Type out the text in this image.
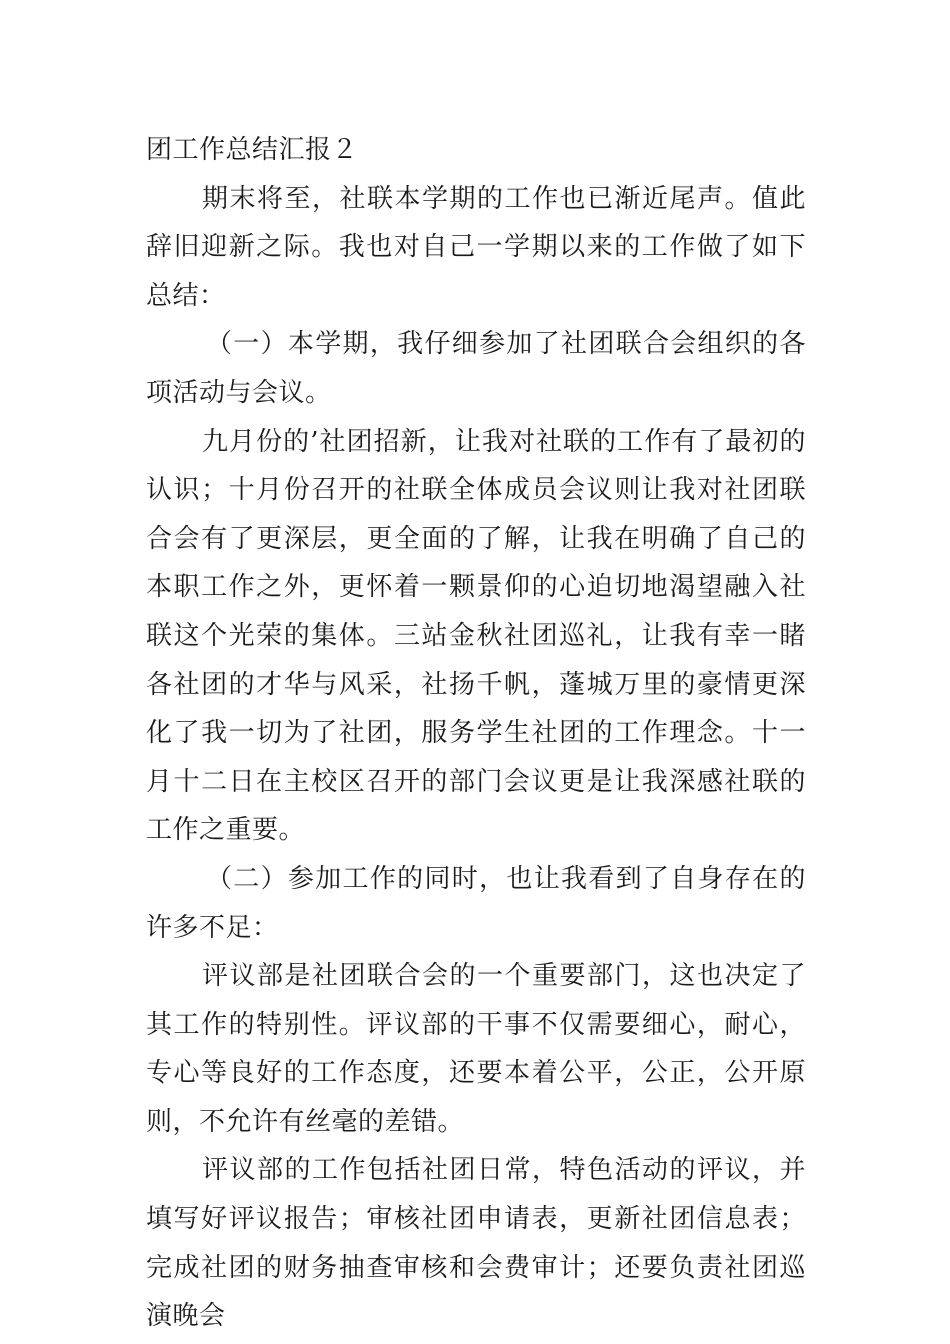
团工作总结汇报２

期末将至，社联本学期的工作也已渐近尾声。值此辞旧迎新之际。我也对自己一学期以来的工作做了如下总结：

（一）本学期，我仔细参加了社团联合会组织的各项活动与会议。

九月份的’社团招新，让我对社联的工作有了最初的认识；十月份召开的社联全体成员会议则让我对社团联合会有了更深层，更全面的了解，让我在明确了自己的本职工作之外，更怀着一颗景仰的心迫切地渴望融入社联这个光荣的集体。三站金秋社团巡礼，让我有幸一睹各社团的才华与风采，社扬千帆，蓬城万里的豪情更深化了我一切为了社团，服务学生社团的工作理念。十一月十二日在主校区召开的部门会议更是让我深感社联的工作之重要。

（二）参加工作的同时，也让我看到了自身存在的许多不足：

评议部是社团联合会的一个重要部门，这也决定了其工作的特别性。评议部的干事不仅需要细心，耐心，专心等良好的工作态度，还要本着公平，公正，公开原则，不允许有丝毫的差错。

评议部的工作包括社团日常，特色活动的评议，并填写好评议报告；审核社团申请表，更新社团信息表；完成社团的财务抽查审核和会费审计；还要负责社团巡演晚会
